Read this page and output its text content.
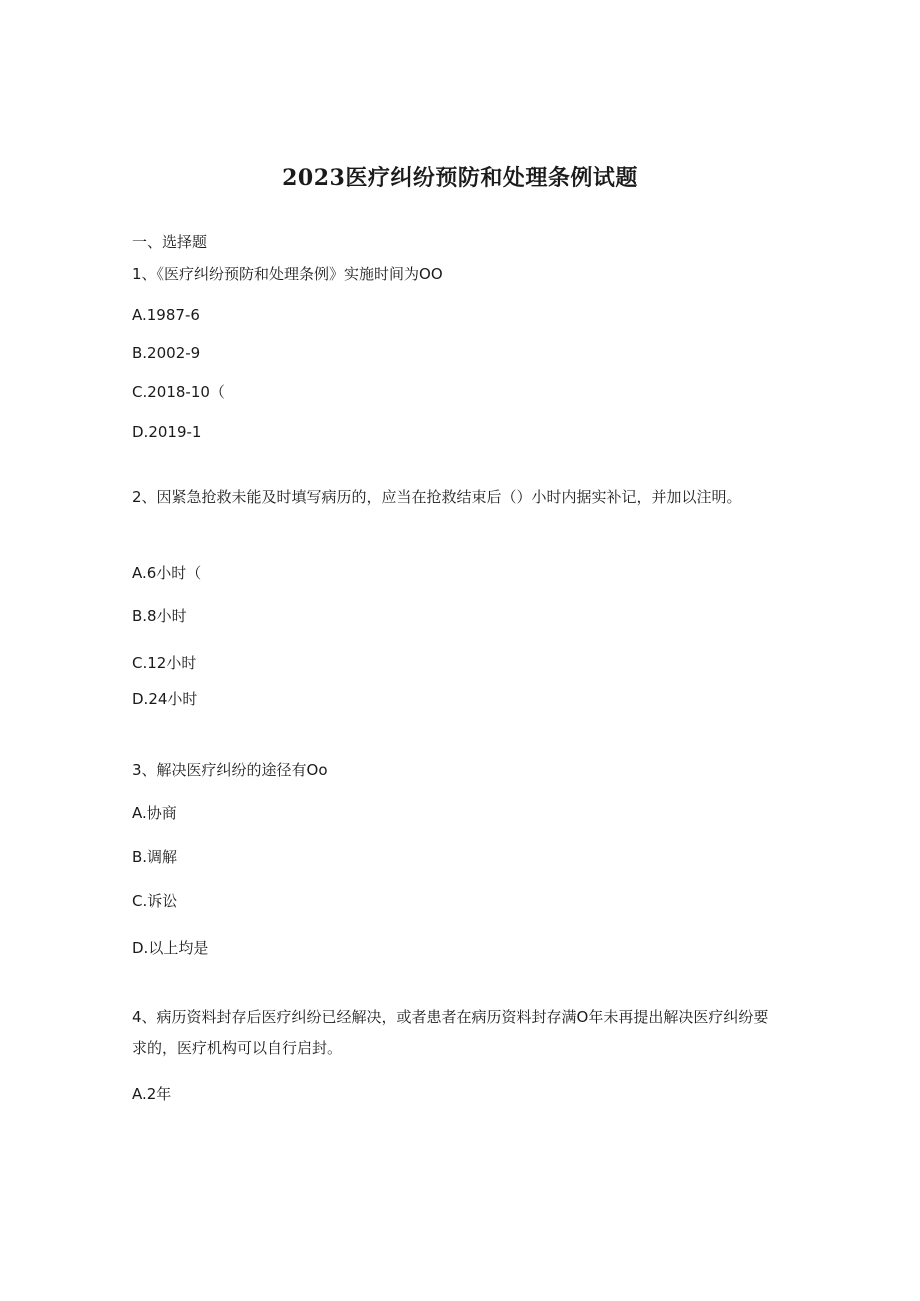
2023医疗纠纷预防和处理条例试题
一、选择题
1、《医疗纠纷预防和处理条例》实施时间为OO
A.1987-6
B.2002-9
C.2018-10（
D.2019-1
2、因紧急抢救未能及时填写病历的，应当在抢救结束后（）小时内据实补记，并加以注明。
A.6小时（
B.8小时
C.12小时
D.24小时
3、解决医疗纠纷的途径有Oo
A.协商
B.调解
C.诉讼
D.以上均是
4、病历资料封存后医疗纠纷已经解决，或者患者在病历资料封存满O年未再提出解决医疗纠纷要求的，医疗机构可以自行启封。
A.2年
